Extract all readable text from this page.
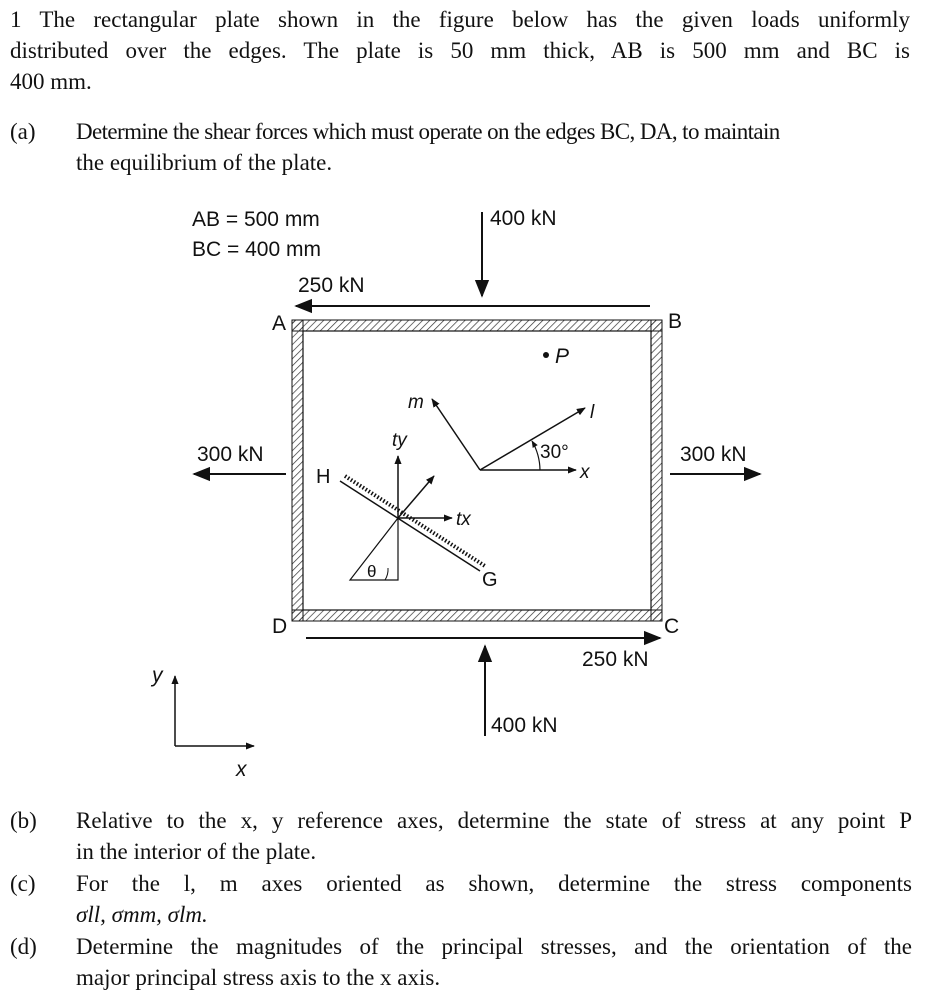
1 The rectangular plate shown in the figure below has the given loads uniformly
distributed over the edges. The plate is 50 mm thick, AB is 500 mm and BC is
400 mm.
(a) Determine the shear forces which must operate on the edges BC, DA, to maintain
the equilibrium of the plate.
AB = 500 mm
BC = 400 mm
A	B
C
D
250 kN
250 kN
400 kN
400 kN
300 kN	300 kN
P
m	l
x
30°
H
G
ty
tx
θ
y
x
(b) Relative to the x, y reference axes, determine the state of stress at any point P
in the interior of the plate.
(c) For the l, m axes oriented as shown, determine the stress components
σll, σmm, σlm.
(d) Determine the magnitudes of the principal stresses, and the orientation of the
major principal stress axis to the x axis.
